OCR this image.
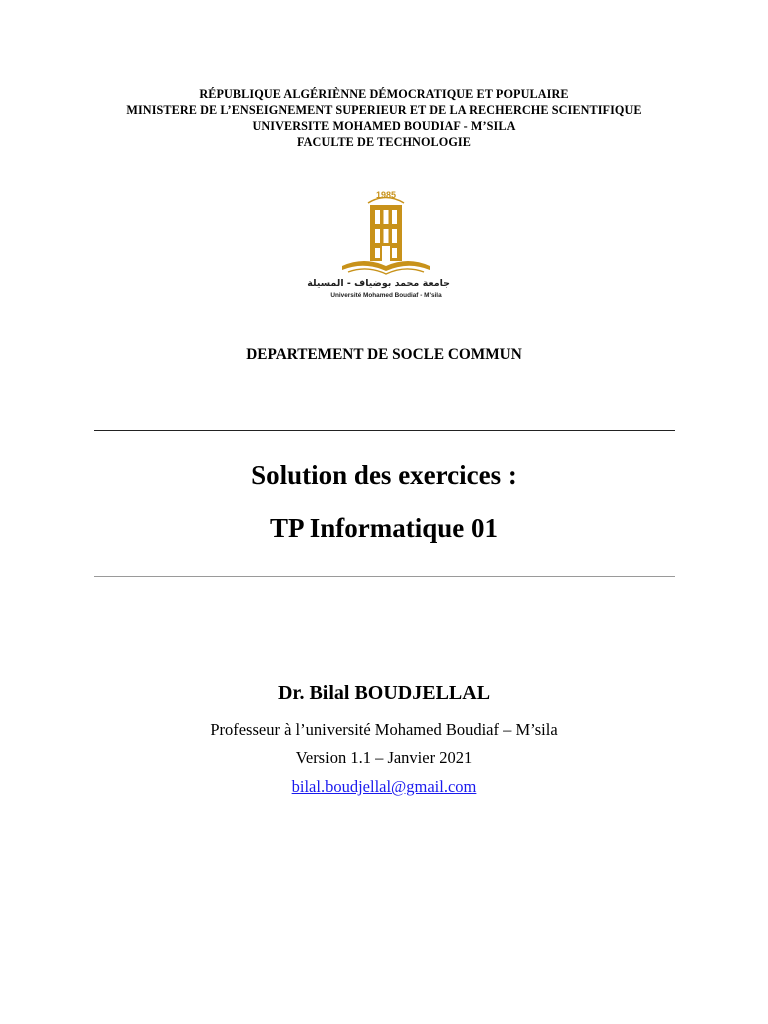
RÉPUBLIQUE ALGÉRIÈNNE DÉMOCRATIQUE ET POPULAIRE
MINISTERE DE L’ENSEIGNEMENT SUPERIEUR ET DE LA RECHERCHE SCIENTIFIQUE
UNIVERSITE MOHAMED BOUDIAF - M’SILA
FACULTE DE TECHNOLOGIE
1985
جامعة محمد بوضياف - المسيلة
Université Mohamed Boudiaf - M'sila
DEPARTEMENT DE SOCLE COMMUN
Solution des exercices :
TP Informatique 01
Dr. Bilal BOUDJELLAL
Professeur à l’université Mohamed Boudiaf – M’sila
Version 1.1 – Janvier 2021
bilal.boudjellal@gmail.com
